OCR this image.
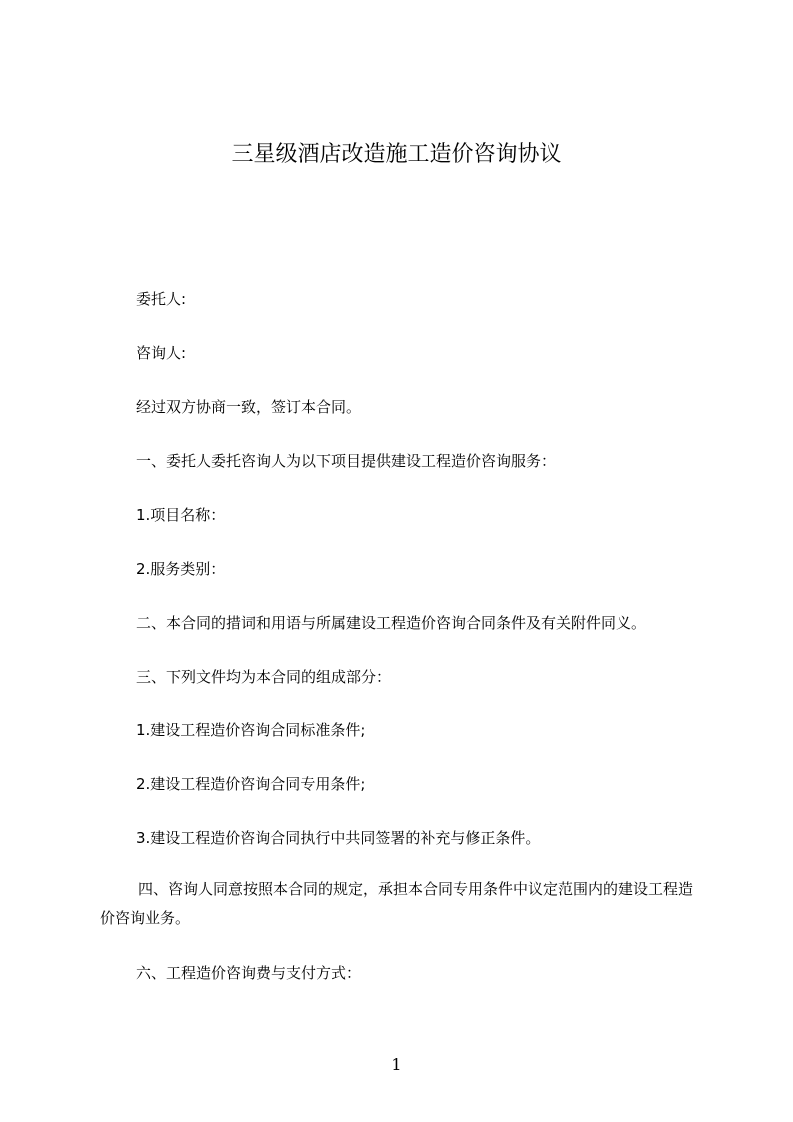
三星级酒店改造施工造价咨询协议
委托人:
咨询人:
经过双方协商一致，签订本合同。
一、委托人委托咨询人为以下项目提供建设工程造价咨询服务：
1.项目名称：
2.服务类别：
二、本合同的措词和用语与所属建设工程造价咨询合同条件及有关附件同义。
三、下列文件均为本合同的组成部分：
1.建设工程造价咨询合同标准条件;
2.建设工程造价咨询合同专用条件;
3.建设工程造价咨询合同执行中共同签署的补充与修正条件。
四、咨询人同意按照本合同的规定，承担本合同专用条件中议定范围内的建设工程造价咨询业务。
六、工程造价咨询费与支付方式：
1
